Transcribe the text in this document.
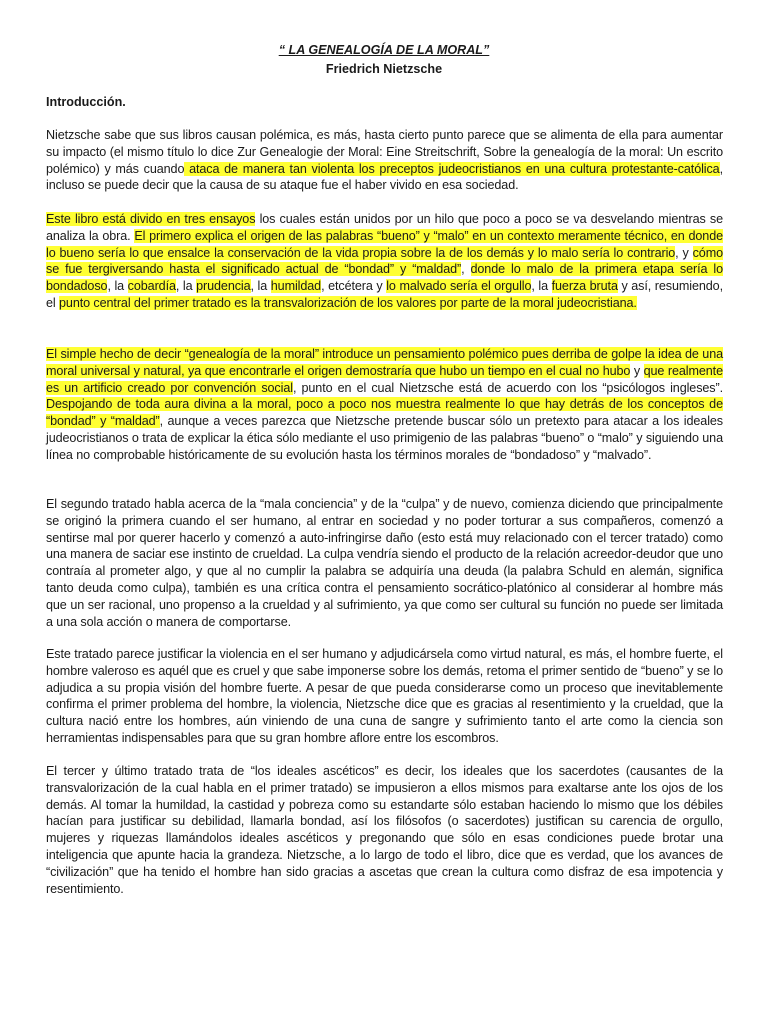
“ LA GENEALOGÍA DE LA MORAL”
Friedrich Nietzsche
Introducción.
Nietzsche sabe que sus libros causan polémica, es más, hasta cierto punto parece que se alimenta de ella para aumentar su impacto (el mismo título lo dice Zur Genealogie der Moral: Eine Streitschrift, Sobre la genealogía de la moral: Un escrito polémico) y más cuando ataca de manera tan violenta los preceptos judeocristianos en una cultura protestante-católica, incluso se puede decir que la causa de su ataque fue el haber vivido en esa sociedad.
Este libro está divido en tres ensayos los cuales están unidos por un hilo que poco a poco se va desvelando mientras se analiza la obra. El primero explica el origen de las palabras “bueno” y “malo” en un contexto meramente técnico, en donde lo bueno sería lo que ensalce la conservación de la vida propia sobre la de los demás y lo malo sería lo contrario, y cómo se fue tergiversando hasta el significado actual de “bondad” y “maldad”, donde lo malo de la primera etapa sería lo bondadoso, la cobardía, la prudencia, la humildad, etcétera y lo malvado sería el orgullo, la fuerza bruta y así, resumiendo, el punto central del primer tratado es la transvalorización de los valores por parte de la moral judeocristiana.
El simple hecho de decir “genealogía de la moral” introduce un pensamiento polémico pues derriba de golpe la idea de una moral universal y natural, ya que encontrarle el origen demostraría que hubo un tiempo en el cual no hubo y que realmente es un artificio creado por convención social, punto en el cual Nietzsche está de acuerdo con los “psicólogos ingleses”. Despojando de toda aura divina a la moral, poco a poco nos muestra realmente lo que hay detrás de los conceptos de “bondad” y “maldad”, aunque a veces parezca que Nietzsche pretende buscar sólo un pretexto para atacar a los ideales judeocristianos o trata de explicar la ética sólo mediante el uso primigenio de las palabras “bueno” o “malo” y siguiendo una línea no comprobable históricamente de su evolución hasta los términos morales de “bondadoso” y “malvado”.
El segundo tratado habla acerca de la “mala conciencia” y de la “culpa” y de nuevo, comienza diciendo que principalmente se originó la primera cuando el ser humano, al entrar en sociedad y no poder torturar a sus compañeros, comenzó a sentirse mal por querer hacerlo y comenzó a auto-infringirse daño (esto está muy relacionado con el tercer tratado) como una manera de saciar ese instinto de crueldad. La culpa vendría siendo el producto de la relación acreedor-deudor que uno contraía al prometer algo, y que al no cumplir la palabra se adquiría una deuda (la palabra Schuld en alemán, significa tanto deuda como culpa), también es una crítica contra el pensamiento socrático-platónico al considerar al hombre más que un ser racional, uno propenso a la crueldad y al sufrimiento, ya que como ser cultural su función no puede ser limitada a una sola acción o manera de comportarse.
Este tratado parece justificar la violencia en el ser humano y adjudicársela como virtud natural, es más, el hombre fuerte, el hombre valeroso es aquél que es cruel y que sabe imponerse sobre los demás, retoma el primer sentido de “bueno” y se lo adjudica a su propia visión del hombre fuerte. A pesar de que pueda considerarse como un proceso que inevitablemente confirma el primer problema del hombre, la violencia, Nietzsche dice que es gracias al resentimiento y la crueldad, que la cultura nació entre los hombres, aún viniendo de una cuna de sangre y sufrimiento tanto el arte como la ciencia son herramientas indispensables para que su gran hombre aflore entre los escombros.
El tercer y último tratado trata de “los ideales ascéticos” es decir, los ideales que los sacerdotes (causantes de la transvalorización de la cual habla en el primer tratado) se impusieron a ellos mismos para exaltarse ante los ojos de los demás. Al tomar la humildad, la castidad y pobreza como su estandarte sólo estaban haciendo lo mismo que los débiles hacían para justificar su debilidad, llamarla bondad, así los filósofos (o sacerdotes) justifican su carencia de orgullo, mujeres y riquezas llamándolos ideales ascéticos y pregonando que sólo en esas condiciones puede brotar una inteligencia que apunte hacia la grandeza. Nietzsche, a lo largo de todo el libro, dice que es verdad, que los avances de “civilización” que ha tenido el hombre han sido gracias a ascetas que crean la cultura como disfraz de esa impotencia y resentimiento.
